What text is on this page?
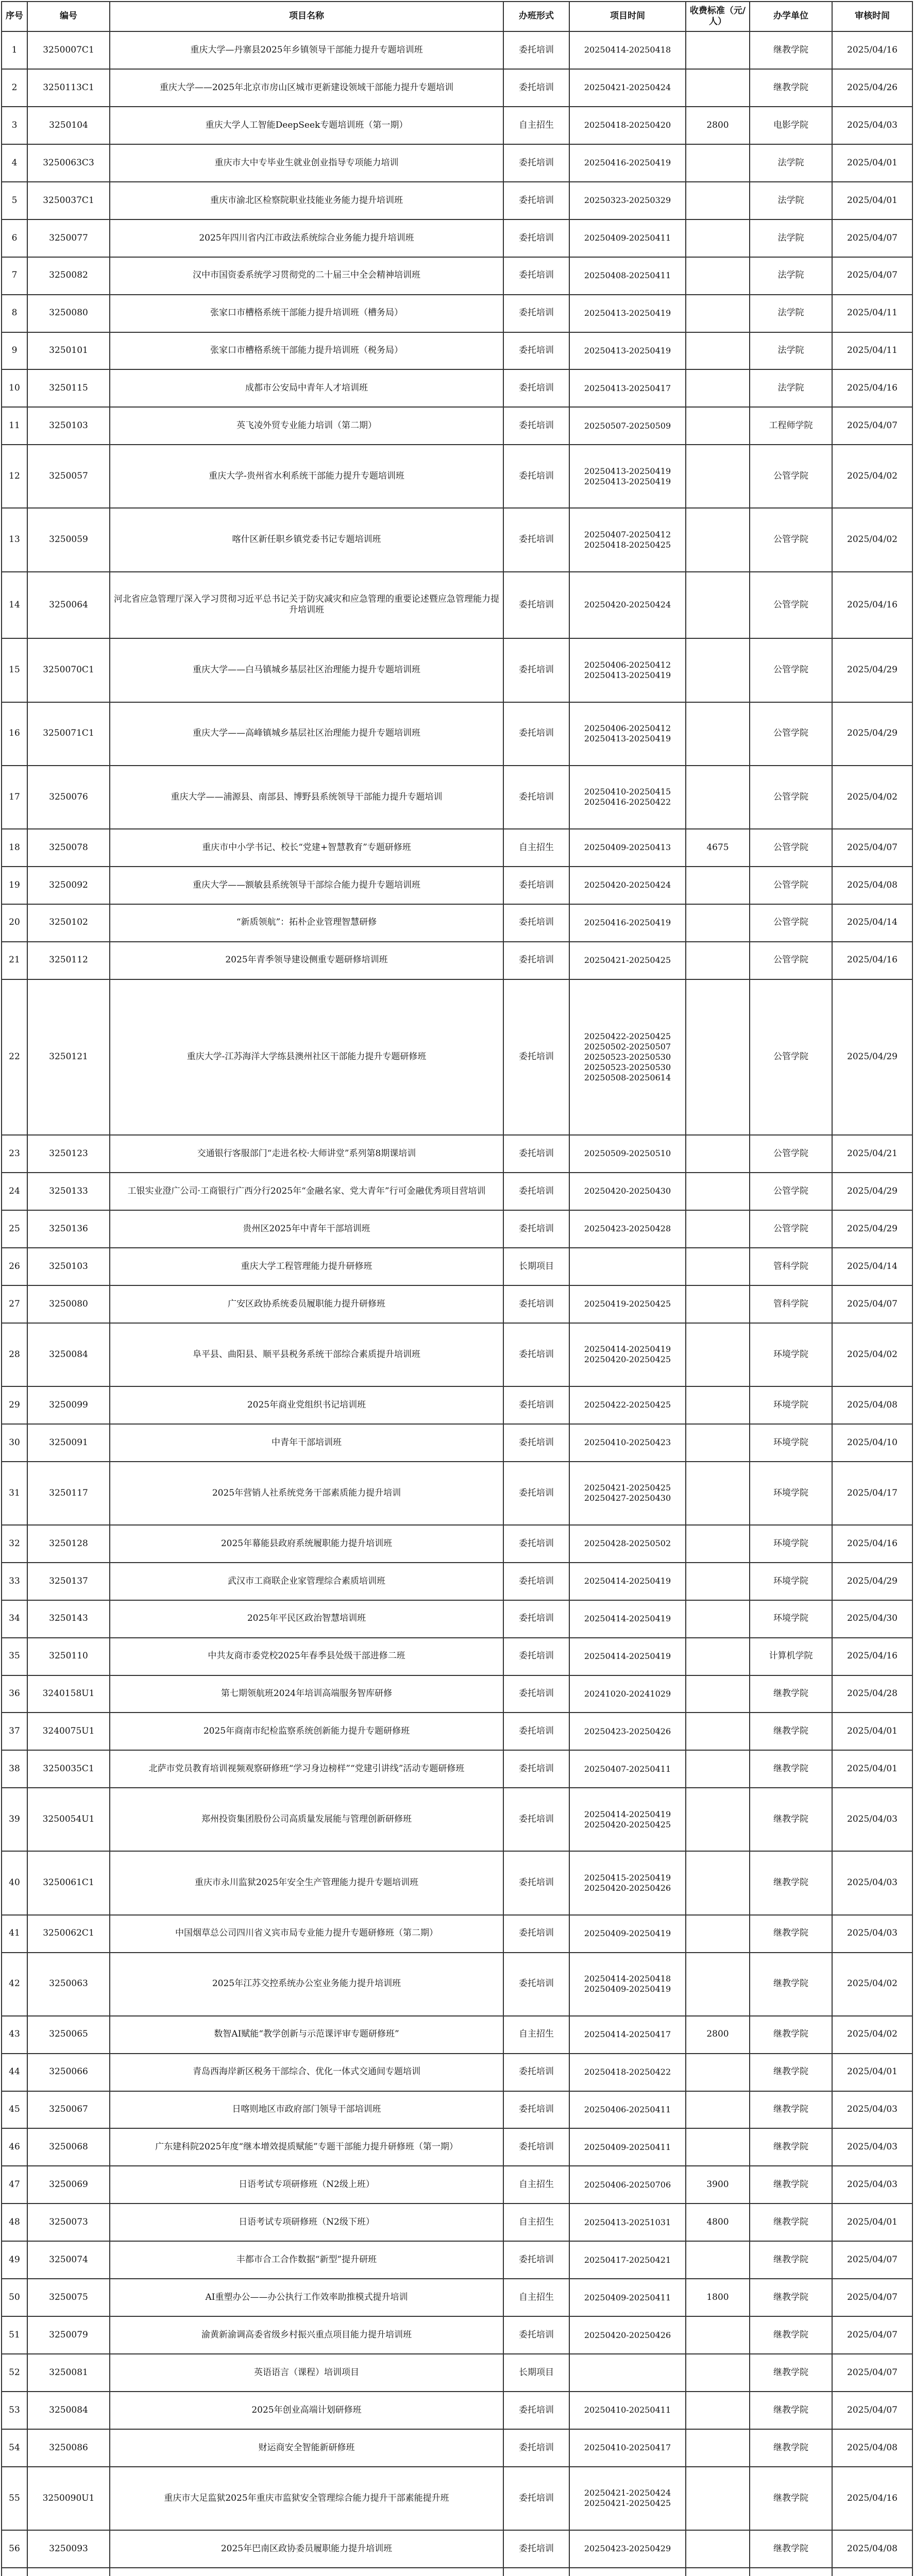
序号	编号	项目名称	办班形式	项目时间	收费标准（元/人）	办学单位	审核时间
1	3250007C1	重庆大学—丹寨县2025年乡镇领导干部能力提升专题培训班	委托培训	20250414-20250418		继教学院	2025/04/16
2	3250113C1	重庆大学——2025年北京市房山区城市更新建设领域干部能力提升专题培训	委托培训	20250421-20250424		继教学院	2025/04/26
3	3250104	重庆大学人工智能DeepSeek专题培训班（第一期）	自主招生	20250418-20250420	2800	电影学院	2025/04/03
4	3250063C3	重庆市大中专毕业生就业创业指导专项能力培训	委托培训	20250416-20250419		法学院	2025/04/01
5	3250037C1	重庆市渝北区检察院职业技能业务能力提升培训班	委托培训	20250323-20250329		法学院	2025/04/01
6	3250077	2025年四川省内江市政法系统综合业务能力提升培训班	委托培训	20250409-20250411		法学院	2025/04/07
7	3250082	汉中市国资委系统学习贯彻党的二十届三中全会精神培训班	委托培训	20250408-20250411		法学院	2025/04/07
8	3250080	张家口市槽格系统干部能力提升培训班（槽务局）	委托培训	20250413-20250419		法学院	2025/04/11
9	3250101	张家口市槽格系统干部能力提升培训班（税务局）	委托培训	20250413-20250419		法学院	2025/04/11
10	3250115	成都市公安局中青年人才培训班	委托培训	20250413-20250417		法学院	2025/04/16
11	3250103	英飞凌外贸专业能力培训（第二期）	委托培训	20250507-20250509		工程师学院	2025/04/07
12	3250057	重庆大学-贵州省水利系统干部能力提升专题培训班	委托培训	20250413-20250419
20250413-20250419		公管学院	2025/04/02
13	3250059	喀什区新任职乡镇党委书记专题培训班	委托培训	20250407-20250412
20250418-20250425		公管学院	2025/04/02
14	3250064	河北省应急管理厅深入学习贯彻习近平总书记关于防灾减灾和应急管理的重要论述暨应急管理能力提升培训班	委托培训	20250420-20250424		公管学院	2025/04/16
15	3250070C1	重庆大学——白马镇城乡基层社区治理能力提升专题培训班	委托培训	20250406-20250412
20250413-20250419		公管学院	2025/04/29
16	3250071C1	重庆大学——高峰镇城乡基层社区治理能力提升专题培训班	委托培训	20250406-20250412
20250413-20250419		公管学院	2025/04/29
17	3250076	重庆大学——浦源县、南部县、博野县系统领导干部能力提升专题培训	委托培训	20250410-20250415
20250416-20250422		公管学院	2025/04/02
18	3250078	重庆市中小学书记、校长“党建+智慧教育”专题研修班	自主招生	20250409-20250413	4675	公管学院	2025/04/07
19	3250092	重庆大学——额敏县系统领导干部综合能力提升专题培训班	委托培训	20250420-20250424		公管学院	2025/04/08
20	3250102	“新质领航”：拓朴企业管理智慧研修	委托培训	20250416-20250419		公管学院	2025/04/14
21	3250112	2025年青季领导建设侧重专题研修培训班	委托培训	20250421-20250425		公管学院	2025/04/16
22	3250121	重庆大学-江苏海洋大学练县澳州社区干部能力提升专题研修班	委托培训	20250422-20250425
20250502-20250507
20250523-20250530
20250523-20250530
20250508-20250614		公管学院	2025/04/29
23	3250123	交通银行客服部门“走进名校·大师讲堂”系列第8期课培训	委托培训	20250509-20250510		公管学院	2025/04/21
24	3250133	工银实业澄广公司·工商银行广西分行2025年“金融名家、党大青年”行可金融优秀项目营培训	委托培训	20250420-20250430		公管学院	2025/04/29
25	3250136	贵州区2025年中青年干部培训班	委托培训	20250423-20250428		公管学院	2025/04/29
26	3250103	重庆大学工程管理能力提升研修班	长期项目			管科学院	2025/04/14
27	3250080	广安区政协系统委员履职能力提升研修班	委托培训	20250419-20250425		管科学院	2025/04/07
28	3250084	阜平县、曲阳县、顺平县税务系统干部综合素质提升培训班	委托培训	20250414-20250419
20250420-20250425		环境学院	2025/04/02
29	3250099	2025年商业党组织书记培训班	委托培训	20250422-20250425		环境学院	2025/04/08
30	3250091	中青年干部培训班	委托培训	20250410-20250423		环境学院	2025/04/10
31	3250117	2025年营销人社系统党务干部素质能力提升培训	委托培训	20250421-20250425
20250427-20250430		环境学院	2025/04/17
32	3250128	2025年幕能县政府系统履职能力提升培训班	委托培训	20250428-20250502		环境学院	2025/04/16
33	3250137	武汉市工商联企业家管理综合素质培训班	委托培训	20250414-20250419		环境学院	2025/04/29
34	3250143	2025年平民区政治智慧培训班	委托培训	20250414-20250419		环境学院	2025/04/30
35	3250110	中共友商市委党校2025年春季县处级干部进修二班	委托培训	20250414-20250419		计算机学院	2025/04/16
36	3240158U1	第七期领航班2024年培训高端服务智库研修	委托培训	20241020-20241029		继教学院	2025/04/28
37	3240075U1	2025年商南市纪检监察系统创新能力提升专题研修班	委托培训	20250423-20250426		继教学院	2025/04/01
38	3250035C1	北萨市党员教育培训视频观察研修班“学习身边榜样”“党建引讲线”活动专题研修班	委托培训	20250407-20250411		继教学院	2025/04/01
39	3250054U1	郑州投资集团股份公司高质量发展能与管理创新研修班	委托培训	20250414-20250419
20250420-20250425		继教学院	2025/04/03
40	3250061C1	重庆市永川监狱2025年安全生产管理能力提升专题培训班	委托培训	20250415-20250419
20250420-20250426		继教学院	2025/04/03
41	3250062C1	中国烟草总公司四川省义宾市局专业能力提升专题研修班（第二期）	委托培训	20250409-20250419		继教学院	2025/04/03
42	3250063	2025年江苏交控系统办公室业务能力提升培训班	委托培训	20250414-20250418
20250409-20250419		继教学院	2025/04/02
43	3250065	数智AI赋能“教学创新与示范课评审专题研修班”	自主招生	20250414-20250417	2800	继教学院	2025/04/02
44	3250066	青岛西海岸新区税务干部综合、优化一体式交通间专题培训	委托培训	20250418-20250422		继教学院	2025/04/01
45	3250067	日喀则地区市政府部门领导干部培训班	委托培训	20250406-20250411		继教学院	2025/04/03
46	3250068	广东建科院2025年度“继本增效提质赋能”专题干部能力提升研修班（第一期）	委托培训	20250409-20250411		继教学院	2025/04/03
47	3250069	日语考试专项研修班（N2级上班）	自主招生	20250406-20250706	3900	继教学院	2025/04/03
48	3250073	日语考试专项研修班（N2级下班）	自主招生	20250413-20251031	4800	继教学院	2025/04/01
49	3250074	丰都市合工合作数据“新型”提升研班	委托培训	20250417-20250421		继教学院	2025/04/07
50	3250075	AI重塑办公——办公执行工作效率助推模式提升培训	自主招生	20250409-20250411	1800	继教学院	2025/04/07
51	3250079	渝黄新渝调高委省级乡村振兴重点项目能力提升培训班	委托培训	20250420-20250426		继教学院	2025/04/07
52	3250081	英语语言（课程）培训项目	长期项目			继教学院	2025/04/07
53	3250084	2025年创业高端计划研修班	委托培训	20250410-20250411		继教学院	2025/04/07
54	3250086	财运商安全智能新研修班	委托培训	20250410-20250417		继教学院	2025/04/08
55	3250090U1	重庆市大足监狱2025年重庆市监狱安全管理综合能力提升干部素能提升班	委托培训	20250421-20250424
20250421-20250425		继教学院	2025/04/16
56	3250093	2025年巴南区政协委员履职能力提升培训班	委托培训	20250423-20250429		继教学院	2025/04/08
